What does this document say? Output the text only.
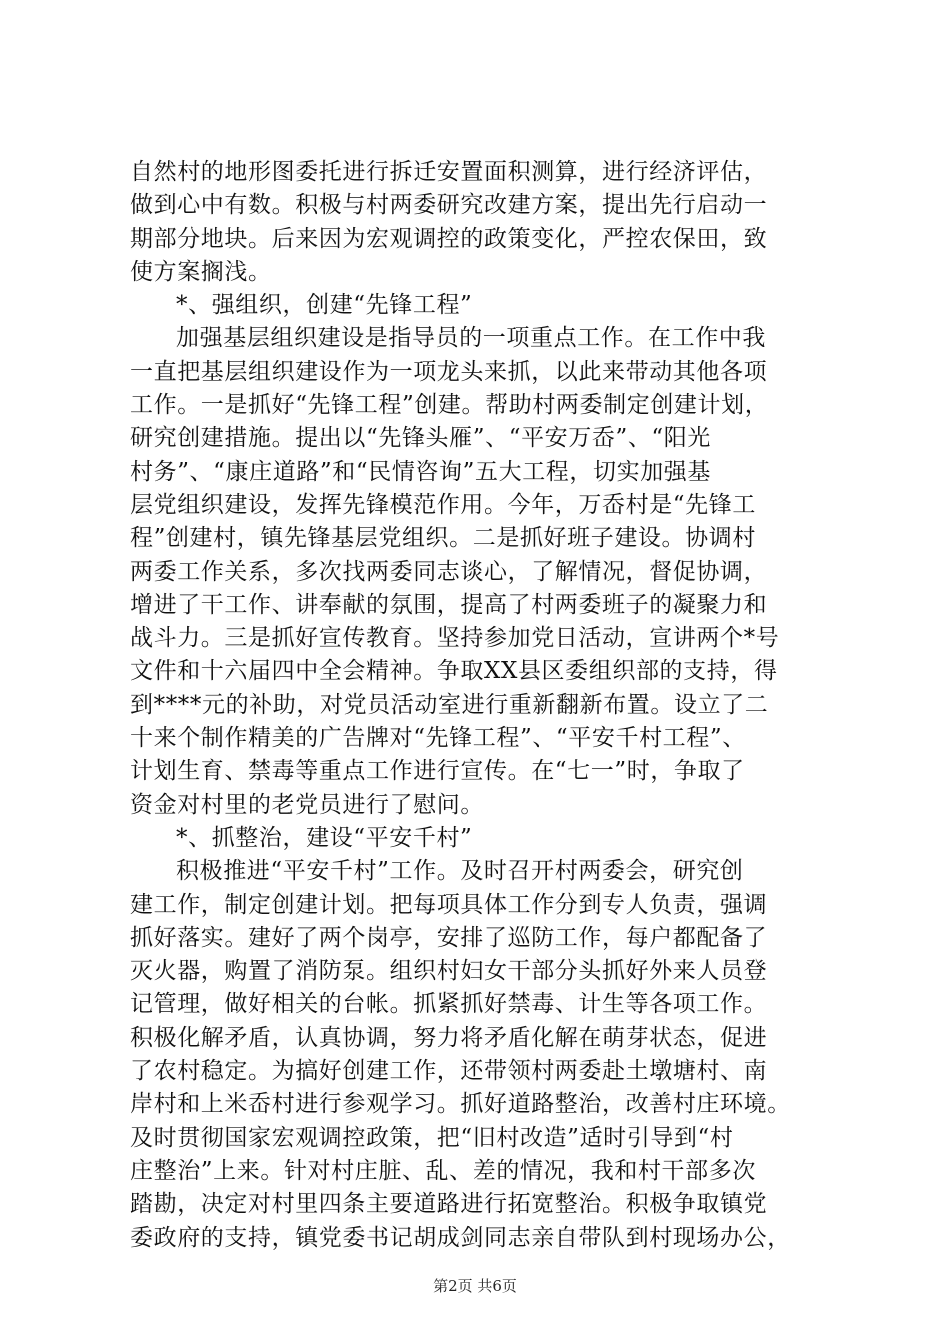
自然村的地形图委托进行拆迁安置面积测算，进行经济评估，
做到心中有数。积极与村两委研究改建方案，提出先行启动一
期部分地块。后来因为宏观调控的政策变化，严控农保田，致
使方案搁浅。
*、强组织，创建“先锋工程”
加强基层组织建设是指导员的一项重点工作。在工作中我
一直把基层组织建设作为一项龙头来抓，以此来带动其他各项
工作。一是抓好“先锋工程”创建。帮助村两委制定创建计划，
研究创建措施。提出以“先锋头雁”、“平安万岙”、“阳光
村务”、“康庄道路”和“民情咨询”五大工程，切实加强基
层党组织建设，发挥先锋模范作用。今年，万岙村是“先锋工
程”创建村，镇先锋基层党组织。二是抓好班子建设。协调村
两委工作关系，多次找两委同志谈心，了解情况，督促协调，
增进了干工作、讲奉献的氛围，提高了村两委班子的凝聚力和
战斗力。三是抓好宣传教育。坚持参加党日活动，宣讲两个*号
文件和十六届四中全会精神。争取XX县区委组织部的支持，得
到****元的补助，对党员活动室进行重新翻新布置。设立了二
十来个制作精美的广告牌对“先锋工程”、“平安千村工程”、
计划生育、禁毒等重点工作进行宣传。在“七一”时，争取了
资金对村里的老党员进行了慰问。
*、抓整治，建设“平安千村”
积极推进“平安千村”工作。及时召开村两委会，研究创
建工作，制定创建计划。把每项具体工作分到专人负责，强调
抓好落实。建好了两个岗亭，安排了巡防工作，每户都配备了
灭火器，购置了消防泵。组织村妇女干部分头抓好外来人员登
记管理，做好相关的台帐。抓紧抓好禁毒、计生等各项工作。
积极化解矛盾，认真协调，努力将矛盾化解在萌芽状态，促进
了农村稳定。为搞好创建工作，还带领村两委赴土墩塘村、南
岸村和上米岙村进行参观学习。抓好道路整治，改善村庄环境。
及时贯彻国家宏观调控政策，把“旧村改造”适时引导到“村
庄整治”上来。针对村庄脏、乱、差的情况，我和村干部多次
踏勘，决定对村里四条主要道路进行拓宽整治。积极争取镇党
委政府的支持，镇党委书记胡成剑同志亲自带队到村现场办公，
第2页 共6页
